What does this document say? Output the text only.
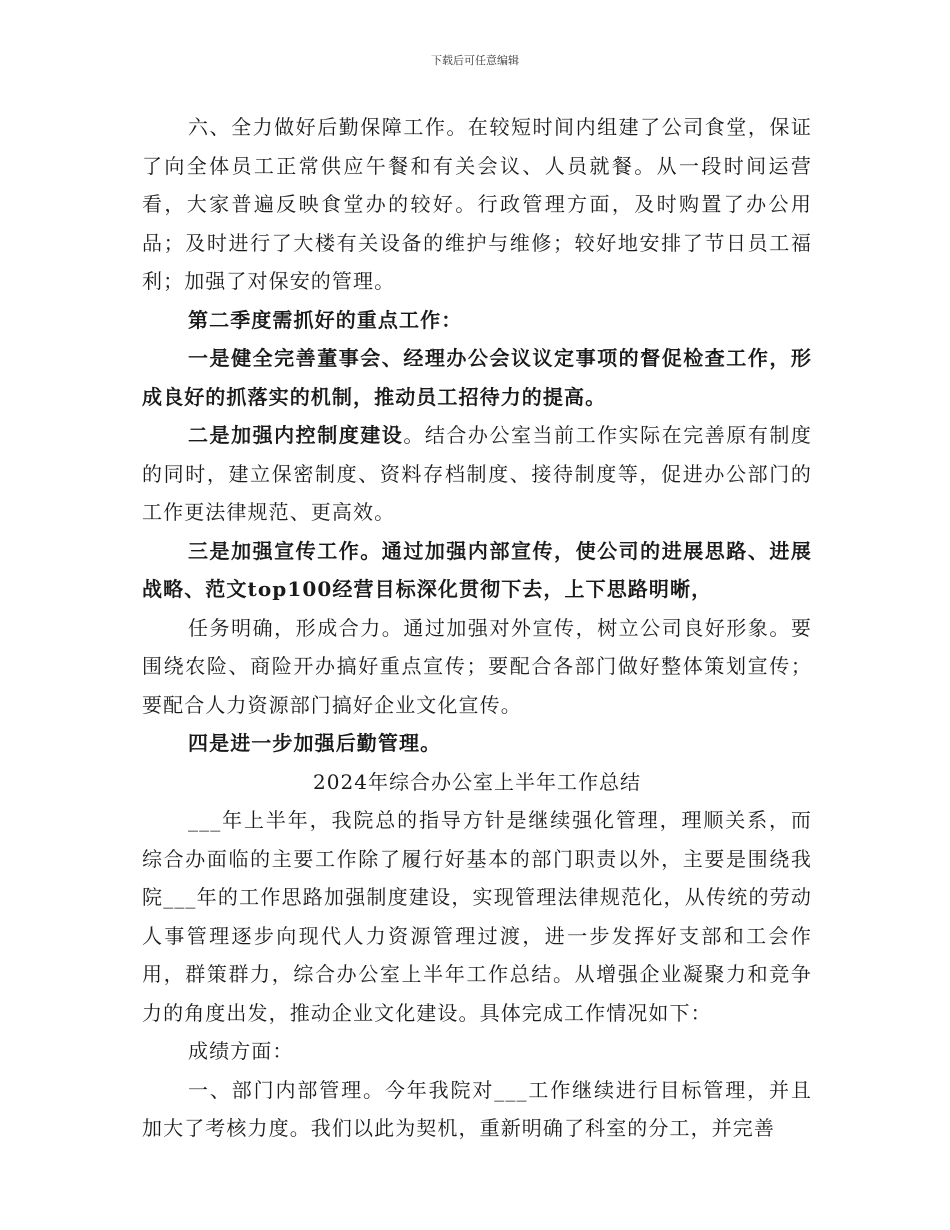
下载后可任意编辑

六、全力做好后勤保障工作。在较短时间内组建了公司食堂，保证了向全体员工正常供应午餐和有关会议、人员就餐。从一段时间运营看，大家普遍反映食堂办的较好。行政管理方面，及时购置了办公用品；及时进行了大楼有关设备的维护与维修；较好地安排了节日员工福利；加强了对保安的管理。

第二季度需抓好的重点工作：

一是健全完善董事会、经理办公会议议定事项的督促检查工作，形成良好的抓落实的机制，推动员工招待力的提高。

二是加强内控制度建设。结合办公室当前工作实际在完善原有制度的同时，建立保密制度、资料存档制度、接待制度等，促进办公部门的工作更法律规范、更高效。

三是加强宣传工作。通过加强内部宣传，使公司的进展思路、进展战略、范文top100经营目标深化贯彻下去，上下思路明晰，

任务明确，形成合力。通过加强对外宣传，树立公司良好形象。要围绕农险、商险开办搞好重点宣传；要配合各部门做好整体策划宣传；要配合人力资源部门搞好企业文化宣传。

四是进一步加强后勤管理。

2024年综合办公室上半年工作总结

___年上半年，我院总的指导方针是继续强化管理，理顺关系，而综合办面临的主要工作除了履行好基本的部门职责以外，主要是围绕我院___年的工作思路加强制度建设，实现管理法律规范化，从传统的劳动人事管理逐步向现代人力资源管理过渡，进一步发挥好支部和工会作用，群策群力，综合办公室上半年工作总结。从增强企业凝聚力和竞争力的角度出发，推动企业文化建设。具体完成工作情况如下：

成绩方面：

一、部门内部管理。今年我院对___工作继续进行目标管理，并且加大了考核力度。我们以此为契机，重新明确了科室的分工，并完善
